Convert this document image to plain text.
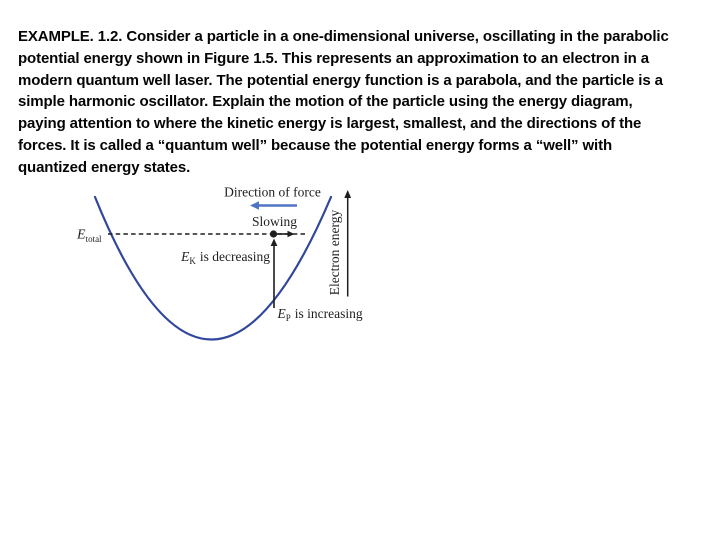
EXAMPLE. 1.2. Consider a particle in a one-dimensional universe, oscillating in the parabolic
potential energy shown in Figure 1.5. This represents an approximation to an electron in a
modern quantum well laser. The potential energy function is a parabola, and the particle is a
simple harmonic oscillator. Explain the motion of the particle using the energy diagram,
paying attention to where the kinetic energy is largest, smallest, and the directions of the
forces. It is called a “quantum well” because the potential energy forms a “well” with
quantized energy states.
Direction of force
Slowing
$E_{total}$
$E_K$ is decreasing
$E_P$ is increasing
Electron energy
